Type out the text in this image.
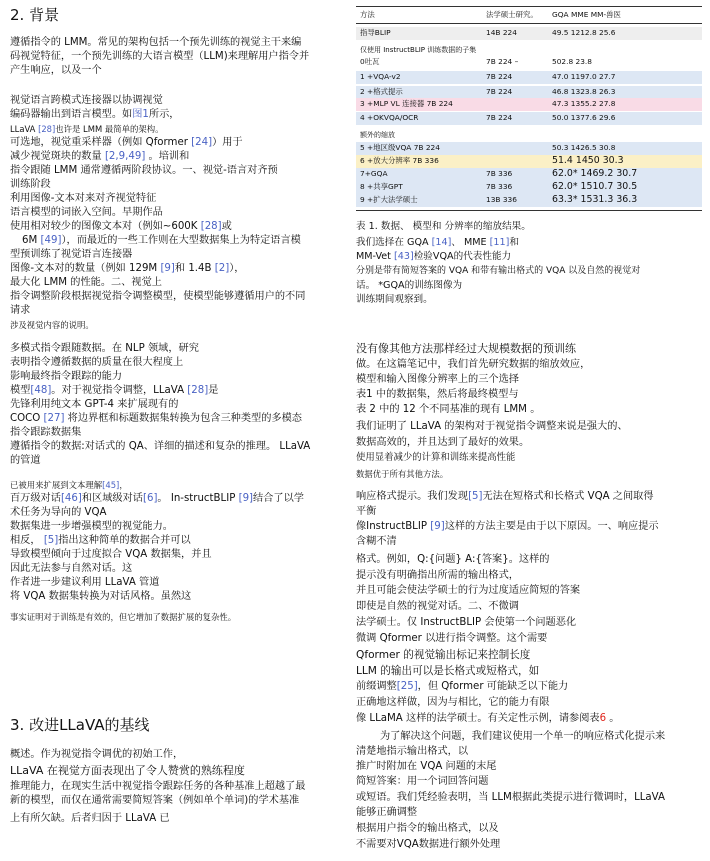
2. 背景
遵循指令的 LMM。常见的架构包括一个预先训练的视觉主干来编
码视觉特征，一个预先训练的大语言模型（LLM)来理解用户指令并
产生响应，以及一个
视觉语言跨模式连接器以协调视觉
编码器输出到语言模型。如图1所示，
LLaVA [28]也许是 LMM 最简单的架构。
可选地，视觉重采样器（例如 Qformer [24]）用于
减少视觉斑块的数量 [2,9,49] 。培训和
指令跟随 LMM 通常遵循两阶段协议。一、视觉-语言对齐预
训练阶段
利用图像-文本对来对齐视觉特征
语言模型的词嵌入空间。早期作品
使用相对较少的图像文本对（例如~600K [28]或
6M [49]），而最近的一些工作则在大型数据集上为特定语言模
型预训练了视觉语言连接器
图像-文本对的数量（例如 129M [9]和 1.4B [2]），
最大化 LMM 的性能。二、视觉上
指令调整阶段根据视觉指令调整模型，使模型能够遵循用户的不同
请求
涉及视觉内容的说明。
多模式指令跟随数据。在 NLP 领域，研究
表明指令遵循数据的质量在很大程度上
影响最终指令跟踪的能力
模型[48]。对于视觉指令调整，LLaVA [28]是
先锋利用纯文本 GPT-4 来扩展现有的
COCO [27] 将边界框和标题数据集转换为包含三种类型的多模态
指令跟踪数据集
遵循指令的数据:对话式的 QA、详细的描述和复杂的推理。 LLaVA
的管道
已被用来扩展到文本理解[45]，
百万级对话[46]和区域级对话[6]。 In-structBLIP [9]结合了以学
术任务为导向的 VQA
数据集进一步增强模型的视觉能力。
相反， [5]指出这种简单的数据合并可以
导致模型倾向于过度拟合 VQA 数据集，并且
因此无法参与自然对话。这
作者进一步建议利用 LLaVA 管道
将 VQA 数据集转换为对话风格。虽然这
事实证明对于训练是有效的，但它增加了数据扩展的复杂性。
3. 改进LLaVA的基线
概述。作为视觉指令调优的初始工作，
LLaVA 在视觉方面表现出了令人赞赏的熟练程度
推理能力，在现实生活中视觉指令跟踪任务的各种基准上超越了最
新的模型，而仅在通常需要简短答案（例如单个单词)的学术基准
上有所欠缺。后者归因于 LLaVA 已
方法	法学硕士研究。 GQA MME MM-兽医
指导BLIP	14B 224	49.5 1212.8 25.6
仅使用 InstructBLIP 训练数据的子集
0吐瓦	7B 224 –	502.8 23.8
1 +VQA-v2	7B 224	47.0 1197.0 27.7
2 +格式提示	7B 224	46.8 1323.8 26.3
3 +MLP VL 连接器 7B 224	47.3 1355.2 27.8
4 +OKVQA/OCR	7B 224	50.0 1377.6 29.6
额外的缩放
5 +地区级VQA 7B 224	50.3 1426.5 30.8
6 +放大分辨率 7B 336	51.4 1450 30.3
7+GQA	7B 336	62.0* 1469.2 30.7
8 +共享GPT	7B 336	62.0* 1510.7 30.5
9 +扩大法学硕士	13B 336	63.3* 1531.3 36.3
表 1. 数据、 模型和 分辨率的缩放结果。
我们选择在 GQA [14]、 MME [11]和
MM-Vet [43]检验VQA的代表性能力
分别是带有简短答案的 VQA 和带有输出格式的 VQA 以及自然的视觉对
话。 *GQA的训练图像为
训练期间观察到。
没有像其他方法那样经过大规模数据的预训练
做。在这篇笔记中，我们首先研究数据的缩放效应，
模型和输入图像分辨率上的三个选择
表1 中的数据集，然后将最终模型与
表 2 中的 12 个不同基准的现有 LMM 。
我们证明了 LLaVA 的架构对于视觉指令调整来说是强大的、
数据高效的，并且达到了最好的效果。
使用显着减少的计算和训练来提高性能
数据优于所有其他方法。
响应格式提示。我们发现[5]无法在短格式和长格式 VQA 之间取得
平衡
像InstructBLIP [9]这样的方法主要是由于以下原因。一、响应提示
含糊不清
格式。例如，Q:{问题} A:{答案}。这样的
提示没有明确指出所需的输出格式，
并且可能会使法学硕士的行为过度适应简短的答案
即使是自然的视觉对话。二、不微调
法学硕士。仅 InstructBLIP 会使第一个问题恶化
微调 Qformer 以进行指令调整。这个需要
Qformer 的视觉输出标记来控制长度
LLM 的输出可以是长格式或短格式，如
前缀调整[25]，但 Qformer 可能缺乏以下能力
正确地这样做，因为与相比，它的能力有限
像 LLaMA 这样的法学硕士。有关定性示例，请参阅表6 。
为了解决这个问题，我们建议使用一个单一的响应格式化提示来
清楚地指示输出格式，以
推广时附加在 VQA 问题的末尾
简短答案：用一个词回答问题
或短语。我们凭经验表明，当 LLM根据此类提示进行微调时，LLaVA
能够正确调整
根据用户指令的输出格式，以及
不需要对VQA数据进行额外处理
